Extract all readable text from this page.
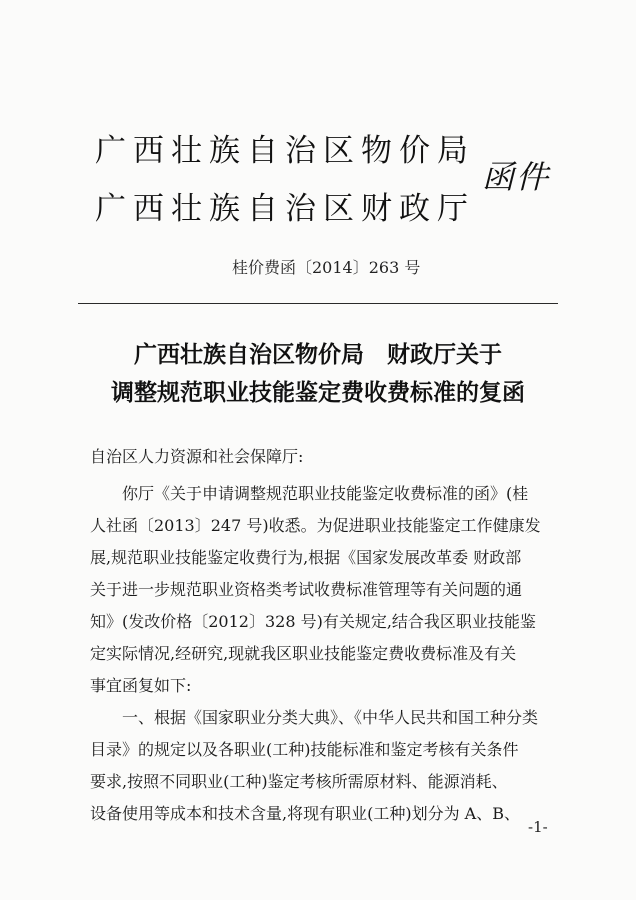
广西壮族自治区物价局
广西壮族自治区财政厅
函件
桂价费函〔2014〕263 号
广西壮族自治区物价局　财政厅关于
调整规范职业技能鉴定费收费标准的复函
自治区人力资源和社会保障厅:
　　你厅《关于申请调整规范职业技能鉴定收费标准的函》(桂
人社函〔2013〕247 号)收悉。为促进职业技能鉴定工作健康发
展,规范职业技能鉴定收费行为,根据《国家发展改革委 财政部
关于进一步规范职业资格类考试收费标准管理等有关问题的通
知》(发改价格〔2012〕328 号)有关规定,结合我区职业技能鉴
定实际情况,经研究,现就我区职业技能鉴定费收费标准及有关
事宜函复如下:
　　一、根据《国家职业分类大典》、《中华人民共和国工种分类
目录》的规定以及各职业(工种)技能标准和鉴定考核有关条件
要求,按照不同职业(工种)鉴定考核所需原材料、能源消耗、
设备使用等成本和技术含量,将现有职业(工种)划分为 A、B、
-1-
